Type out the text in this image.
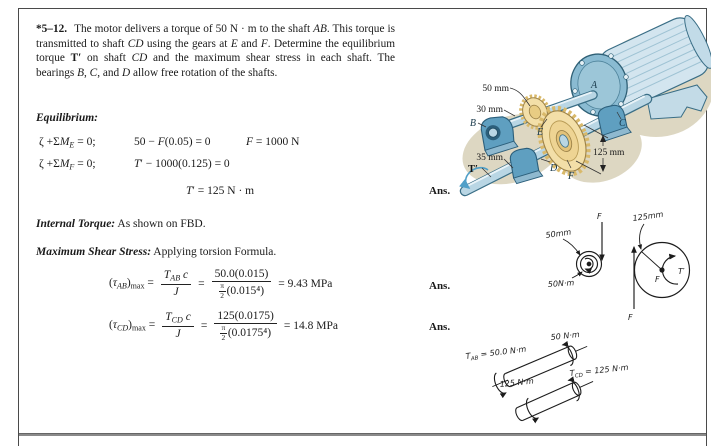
*5–12. The motor delivers a torque of 50 N · m to the shaft AB. This torque is transmitted to shaft CD using the gears at E and F. Determine the equilibrium torque T′ on shaft CD and the maximum shear stress in each shaft. The bearings B, C, and D allow free rotation of the shafts.
Equilibrium:
$\zeta +\Sigma M_E = 0$;	50 − F(0.05) = 0	F = 1000 N
$\zeta +\Sigma M_F = 0$;	T′ − 1000(0.125) = 0
T′ = 125 N · m	Ans.
Internal Torque: As shown on FBD.
Maximum Shear Stress: Applying torsion Formula.
$(\tau_{AB})_{max} = \frac{T_{AB} c}{J} = 50.0(0.015)$
π
2 (0.015⁴) = 9.43 MPa	Ans.
$(\tau_{CD})_{max} = \frac{T_{CD} c}{J} = 125(0.0175)$
π
2 (0.0175⁴) = 14.8 MPa	Ans.
A
50 mm
30 mm
35 mm	125 mm
B
E
C
D
F
T′
50mm
50N·m
F	125mm
F
T′
F
$T_{AB} = 50.0$ N·m
50 N·m
125 N·m
$T_{CD} = 125$ N·m
